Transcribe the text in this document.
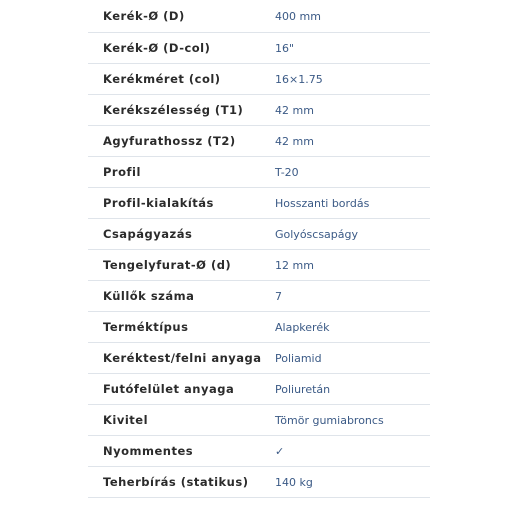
Kerék-Ø (D)	400 mm
Kerék-Ø (D-col)	16"
Kerékméret (col)	16×1.75
Kerékszélesség (T1)	42 mm
Agyfurathossz (T2)	42 mm
Profil	T-20
Profil-kialakítás	Hosszanti bordás
Csapágyazás	Golyóscsapágy
Tengelyfurat-Ø (d)	12 mm
Küllők száma	7
Terméktípus	Alapkerék
Keréktest/felni anyaga	Poliamid
Futófelület anyaga	Poliuretán
Kivitel	Tömör gumiabroncs
Nyommentes	✓
Teherbírás (statikus)	140 kg
